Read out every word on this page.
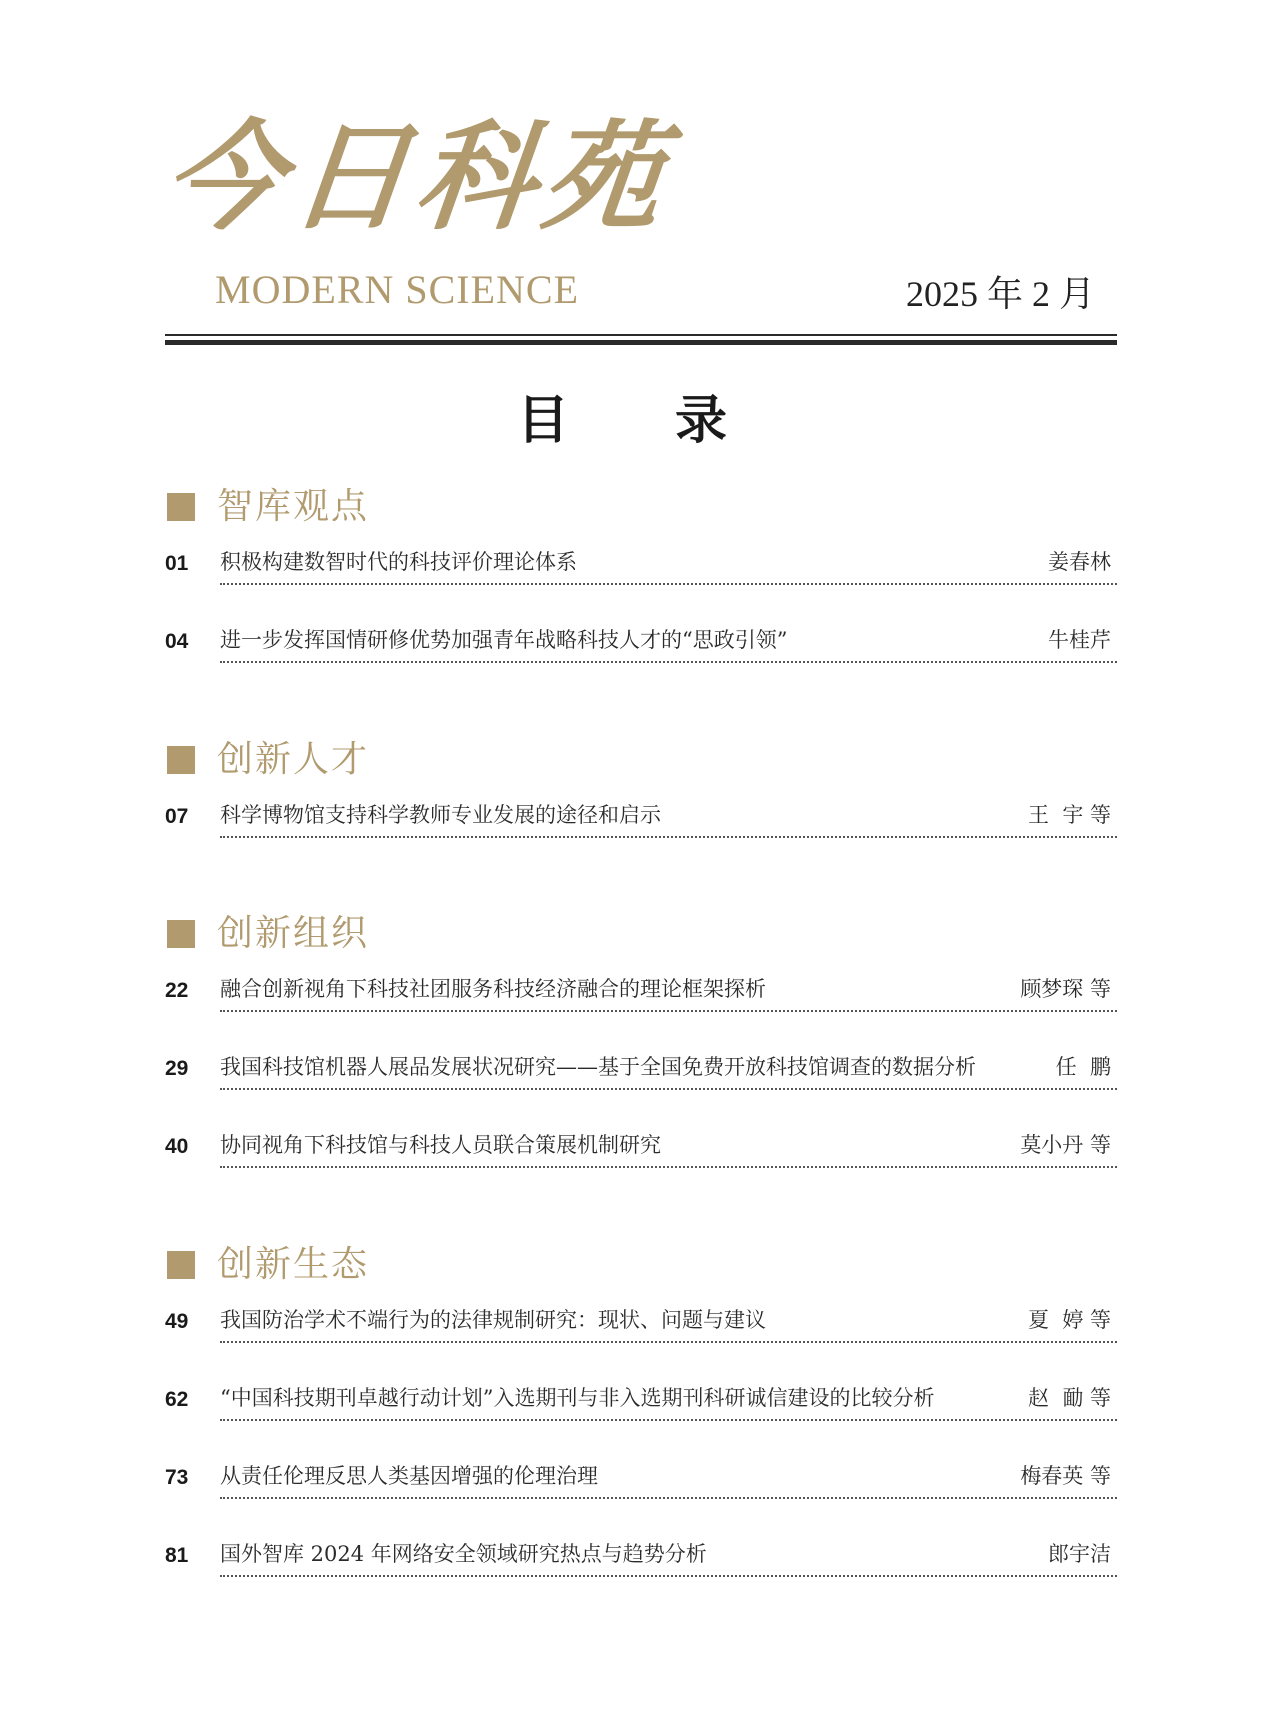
今日科苑
MODERN SCIENCE	2025 年 2 月
目 录
智库观点
01 积极构建数智时代的科技评价理论体系	姜春林
04 进一步发挥国情研修优势加强青年战略科技人才的“思政引领”	牛桂芹
创新人才
07 科学博物馆支持科学教师专业发展的途径和启示	王  宇 等
创新组织
22 融合创新视角下科技社团服务科技经济融合的理论框架探析	顾梦琛 等
29 我国科技馆机器人展品发展状况研究——基于全国免费开放科技馆调查的数据分析	任  鹏
40 协同视角下科技馆与科技人员联合策展机制研究	莫小丹 等
创新生态
49 我国防治学术不端行为的法律规制研究：现状、问题与建议	夏  婷 等
62 “中国科技期刊卓越行动计划”入选期刊与非入选期刊科研诚信建设的比较分析	赵  勔 等
73 从责任伦理反思人类基因增强的伦理治理	梅春英 等
81 国外智库 2024 年网络安全领域研究热点与趋势分析	郎宇洁
